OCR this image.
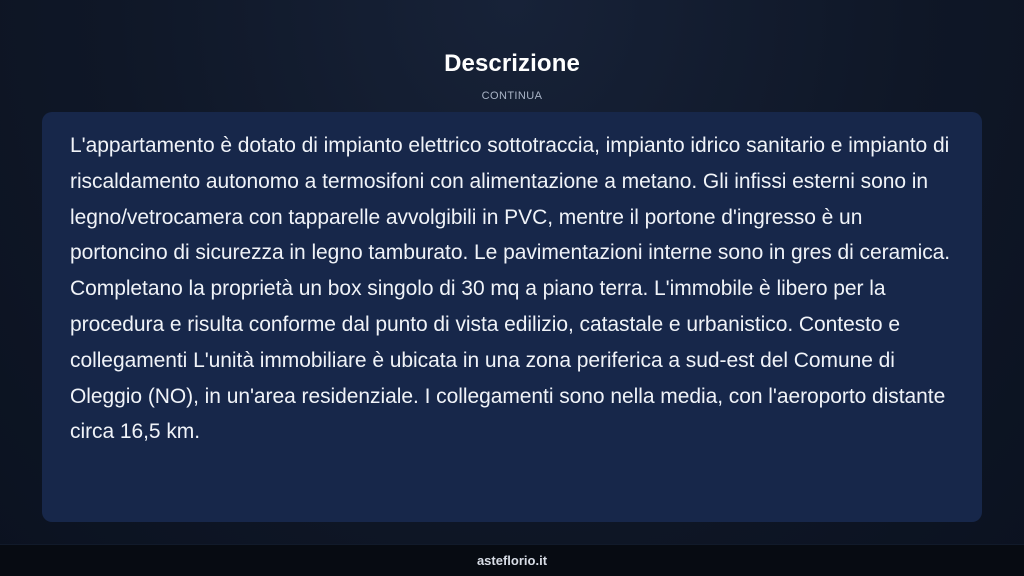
Descrizione
CONTINUA

L'appartamento è dotato di impianto elettrico sottotraccia, impianto idrico sanitario e impianto di riscaldamento autonomo a termosifoni con alimentazione a metano. Gli infissi esterni sono in legno/vetrocamera con tapparelle avvolgibili in PVC, mentre il portone d'ingresso è un portoncino di sicurezza in legno tamburato. Le pavimentazioni interne sono in gres di ceramica. Completano la proprietà un box singolo di 30 mq a piano terra. L'immobile è libero per la procedura e risulta conforme dal punto di vista edilizio, catastale e urbanistico. Contesto e collegamenti L'unità immobiliare è ubicata in una zona periferica a sud-est del Comune di Oleggio (NO), in un'area residenziale. I collegamenti sono nella media, con l'aeroporto distante circa 16,5 km.

asteflorio.it
